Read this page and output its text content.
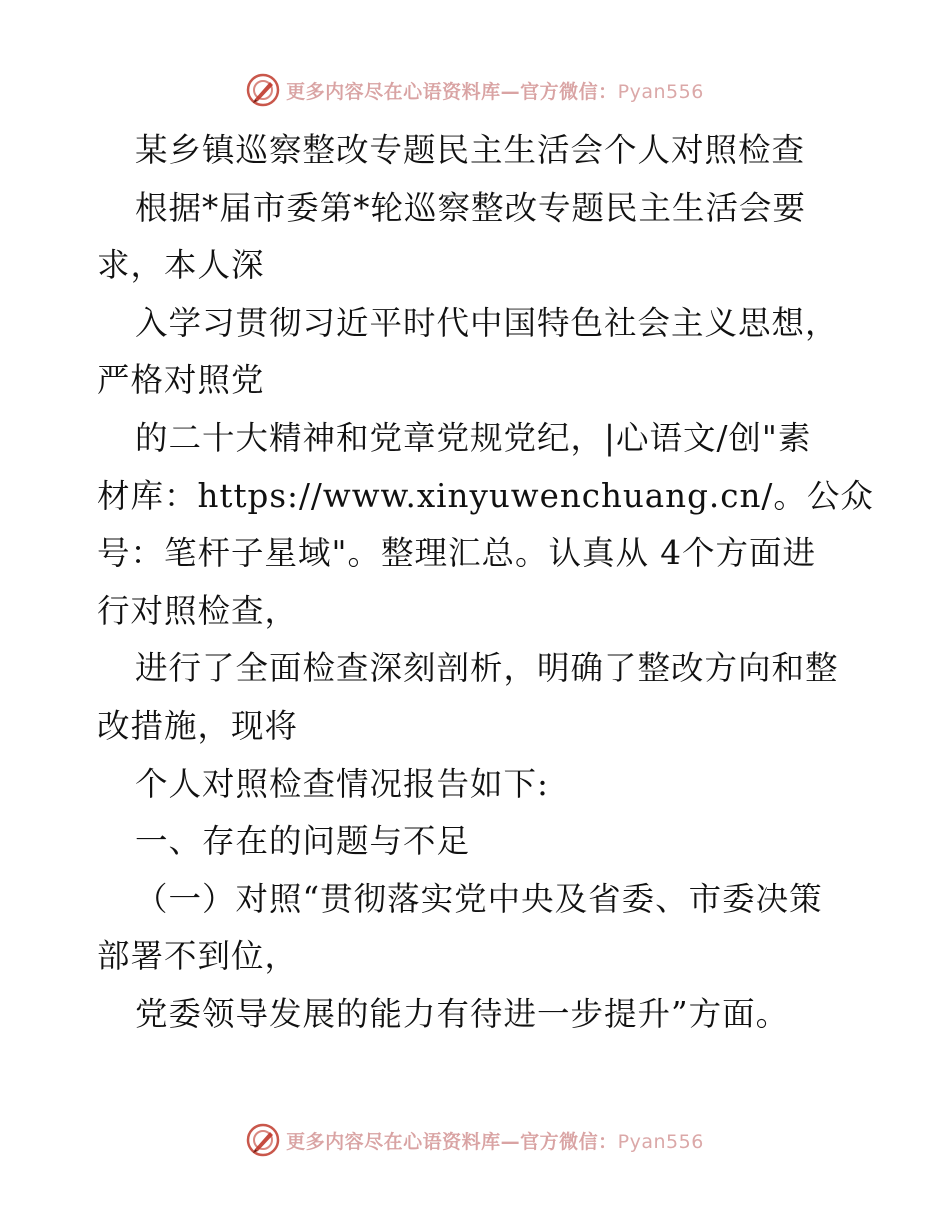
更多内容尽在心语资料库—官方微信：Pyan556
某乡镇巡察整改专题民主生活会个人对照检查
根据*届市委第*轮巡察整改专题民主生活会要
求，本人深
入学习贯彻习近平时代中国特色社会主义思想，
严格对照党
的二十大精神和党章党规党纪，|心语文/创"素
材库：https://www.xinyuwenchuang.cn/。公众
号：笔杆子星域"。整理汇总。认真从 4个方面进
行对照检查，
进行了全面检查深刻剖析，明确了整改方向和整
改措施，现将
个人对照检查情况报告如下:
一、存在的问题与不足
（一）对照“贯彻落实党中央及省委、市委决策
部署不到位，
党委领导发展的能力有待进一步提升”方面。
更多内容尽在心语资料库—官方微信：Pyan556
